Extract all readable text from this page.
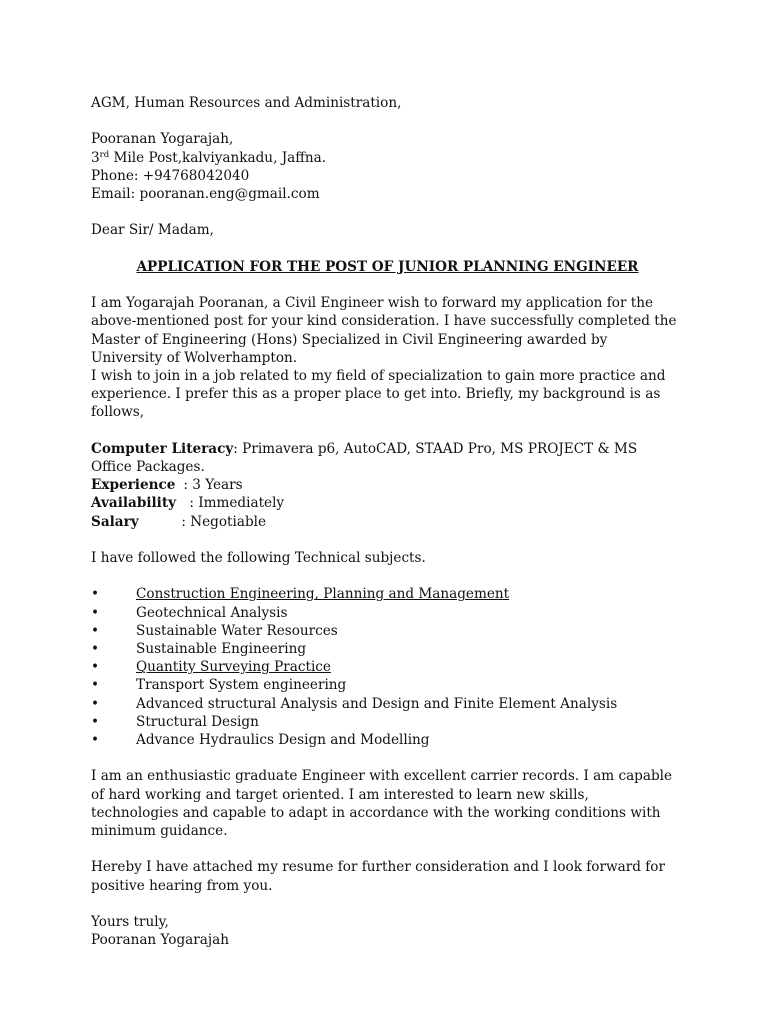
AGM, Human Resources and Administration,

Pooranan Yogarajah,

3rd Mile Post,kalviyankadu, Jaffna.

Phone: +94768042040

Email: pooranan.eng@gmail.com

Dear Sir/ Madam,

APPLICATION FOR THE POST OF JUNIOR PLANNING ENGINEER

I am Yogarajah Pooranan, a Civil Engineer wish to forward my application for the above-mentioned post for your kind consideration. I have successfully completed the Master of Engineering (Hons) Specialized in Civil Engineering awarded by University of Wolverhampton.

I wish to join in a job related to my field of specialization to gain more practice and experience. I prefer this as a proper place to get into. Briefly, my background is as follows,

Computer Literacy: Primavera p6, AutoCAD, STAAD Pro, MS PROJECT & MS

Office Packages.

Experience : 3 Years

Availability : Immediately

Salary	: Negotiable

I have followed the following Technical subjects.

•	Construction Engineering, Planning and Management
•	Geotechnical Analysis
•	Sustainable Water Resources
•	Sustainable Engineering
•	Quantity Surveying Practice
•	Transport System engineering
•	Advanced structural Analysis and Design and Finite Element Analysis
•	Structural Design
•	Advance Hydraulics Design and Modelling

I am an enthusiastic graduate Engineer with excellent carrier records. I am capable of hard working and target oriented. I am interested to learn new skills, technologies and capable to adapt in accordance with the working conditions with minimum guidance.

Hereby I have attached my resume for further consideration and I look forward for positive hearing from you.

Yours truly,

Pooranan Yogarajah
